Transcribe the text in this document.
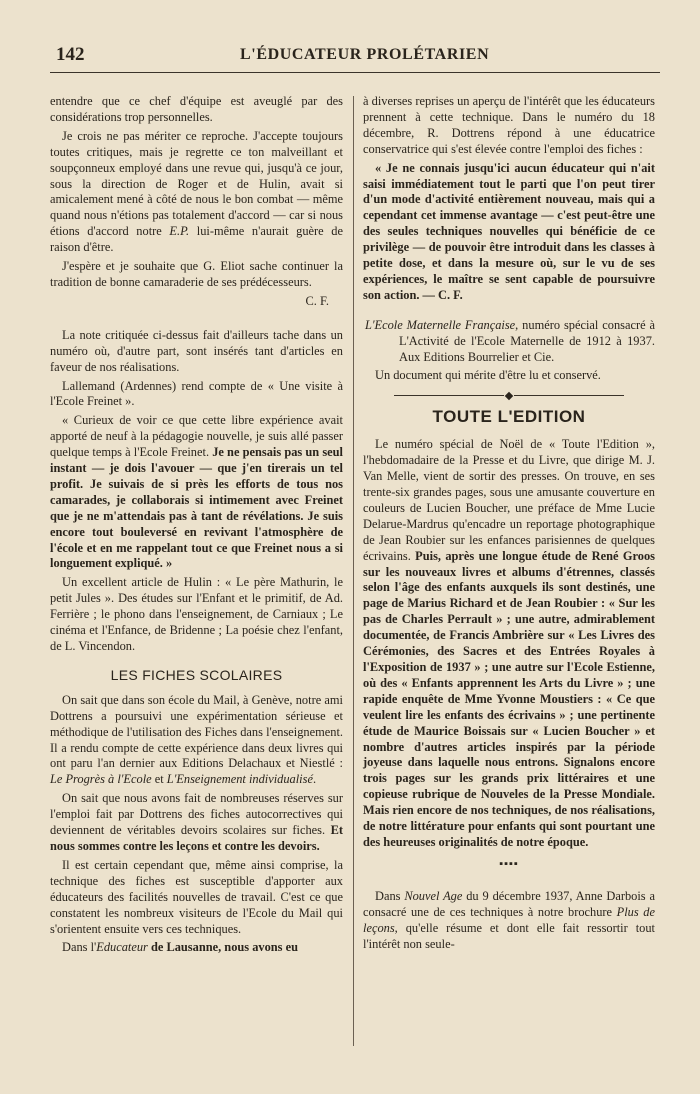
142	L'ÉDUCATEUR PROLÉTARIEN

entendre que ce chef d'équipe est aveuglé par des considérations trop personnelles.

Je crois ne pas mériter ce reproche. J'accepte toujours toutes critiques, mais je regrette ce ton malveillant et soupçonneux employé dans une revue qui, jusqu'à ce jour, sous la direction de Roger et de Hulin, avait si amicalement mené à côté de nous le bon combat — même quand nous n'étions pas totalement d'accord — car si nous étions d'accord notre E.P. lui-même n'aurait guère de raison d'être.

J'espère et je souhaite que G. Eliot sache continuer la tradition de bonne camaraderie de ses prédécesseurs.

C. F.

La note critiquée ci-dessus fait d'ailleurs tache dans un numéro où, d'autre part, sont insérés tant d'articles en faveur de nos réalisations.

Lallemand (Ardennes) rend compte de « Une visite à l'Ecole Freinet ».

« Curieux de voir ce que cette libre expérience avait apporté de neuf à la pédagogie nouvelle, je suis allé passer quelque temps à l'Ecole Freinet. Je ne pensais pas un seul instant — je dois l'avouer — que j'en tirerais un tel profit. Je suivais de si près les efforts de tous nos camarades, je collaborais si intimement avec Freinet que je ne m'attendais pas à tant de révélations. Je suis encore tout bouleversé en revivant l'atmosphère de l'école et en me rappelant tout ce que Freinet nous a si longuement expliqué. »

Un excellent article de Hulin : « Le père Mathurin, le petit Jules ». Des études sur l'Enfant et le primitif, de Ad. Ferrière ; le phono dans l'enseignement, de Carniaux ; Le cinéma et l'Enfance, de Bridenne ; La poésie chez l'enfant, de L. Vincendon.

LES FICHES SCOLAIRES

On sait que dans son école du Mail, à Genève, notre ami Dottrens a poursuivi une expérimentation sérieuse et méthodique de l'utilisation des Fiches dans l'enseignement. Il a rendu compte de cette expérience dans deux livres qui ont paru l'an dernier aux Editions Delachaux et Niestlé : Le Progrès à l'Ecole et L'Enseignement individualisé.

On sait que nous avons fait de nombreuses réserves sur l'emploi fait par Dottrens des fiches autocorrectives qui deviennent de véritables devoirs scolaires sur fiches. Et nous sommes contre les leçons et contre les devoirs.

Il est certain cependant que, même ainsi comprise, la technique des fiches est susceptible d'apporter aux éducateurs des facilités nouvelles de travail. C'est ce que constatent les nombreux visiteurs de l'Ecole du Mail qui s'orientent ensuite vers ces techniques.

Dans l'Educateur de Lausanne, nous avons eu

à diverses reprises un aperçu de l'intérêt que les éducateurs prennent à cette technique. Dans le numéro du 18 décembre, R. Dottrens répond à une éducatrice conservatrice qui s'est élevée contre l'emploi des fiches :

« Je ne connais jusqu'ici aucun éducateur qui n'ait saisi immédiatement tout le parti que l'on peut tirer d'un mode d'activité entièrement nouveau, mais qui a cependant cet immense avantage — c'est peut-être une des seules techniques nouvelles qui bénéficie de ce privilège — de pouvoir être introduit dans les classes à petite dose, et dans la mesure où, sur le vu de ses expériences, le maître se sent capable de poursuivre son action. — C. F.

L'Ecole Maternelle Française, numéro spécial consacré à L'Activité de l'Ecole Maternelle de 1912 à 1937. Aux Editions Bourrelier et Cie.

Un document qui mérite d'être lu et conservé.

TOUTE L'EDITION

Le numéro spécial de Noël de « Toute l'Edition », l'hebdomadaire de la Presse et du Livre, que dirige M. J. Van Melle, vient de sortir des presses. On trouve, en ses trente-six grandes pages, sous une amusante couverture en couleurs de Lucien Boucher, une préface de Mme Lucie Delarue-Mardrus qu'encadre un reportage photographique de Jean Roubier sur les enfances parisiennes de quelques écrivains. Puis, après une longue étude de René Groos sur les nouveaux livres et albums d'étrennes, classés selon l'âge des enfants auxquels ils sont destinés, une page de Marius Richard et de Jean Roubier : « Sur les pas de Charles Perrault » ; une autre, admirablement documentée, de Francis Ambrière sur « Les Livres des Cérémonies, des Sacres et des Entrées Royales à l'Exposition de 1937 » ; une autre sur l'Ecole Estienne, où des « Enfants apprennent les Arts du Livre » ; une rapide enquête de Mme Yvonne Moustiers : « Ce que veulent lire les enfants des écrivains » ; une pertinente étude de Maurice Boissais sur « Lucien Boucher » et nombre d'autres articles inspirés par la période joyeuse dans laquelle nous entrons. Signalons encore trois pages sur les grands prix littéraires et une copieuse rubrique de Nouveles de la Presse Mondiale. Mais rien encore de nos techniques, de nos réalisations, de notre littérature pour enfants qui sont pourtant une des heureuses originalités de notre époque.

▪▪▪▪

Dans Nouvel Age du 9 décembre 1937, Anne Darbois a consacré une de ces techniques à notre brochure Plus de leçons, qu'elle résume et dont elle fait ressortir tout l'intérêt non seule-
